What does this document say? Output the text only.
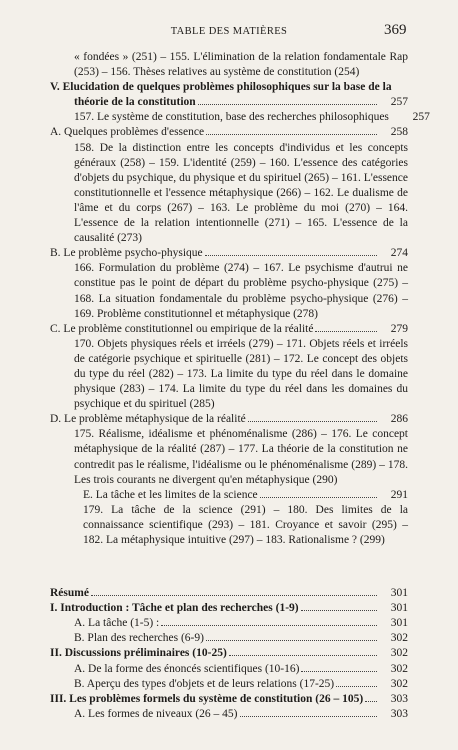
TABLE DES MATIÈRES	369

« fondées » (251) – 155. L'élimination de la relation fondamentale Rap (253) – 156. Thèses relatives au système de constitution (254)

V. Elucidation de quelques problèmes philosophiques sur la base de la

théorie de la constitution	257
157. Le système de constitution, base des recherches philosophiques	257
A. Quelques problèmes d'essence	258

158. De la distinction entre les concepts d'individus et les concepts généraux (258) – 159. L'identité (259) – 160. L'essence des catégories d'objets du psychique, du physique et du spirituel (265) – 161. L'essence constitutionnelle et l'essence métaphysique (266) – 162. Le dualisme de l'âme et du corps (267) – 163. Le problème du moi (270) – 164. L'essence de la relation intentionnelle (271) – 165. L'essence de la causalité (273)

B. Le problème psycho-physique	274

166. Formulation du problème (274) – 167. Le psychisme d'autrui ne constitue pas le point de départ du problème psycho-physique (275) – 168. La situation fondamentale du problème psycho-physique (276) – 169. Problème constitutionnel et métaphysique (278)

C. Le problème constitutionnel ou empirique de la réalité	279

170. Objets physiques réels et irréels (279) – 171. Objets réels et irréels de catégorie psychique et spirituelle (281) – 172. Le concept des objets du type du réel (282) – 173. La limite du type du réel dans le domaine physique (283) – 174. La limite du type du réel dans les domaines du psychique et du spirituel (285)

D. Le problème métaphysique de la réalité	286

175. Réalisme, idéalisme et phénoménalisme (286) – 176. Le concept métaphysique de la réalité (287) – 177. La théorie de la constitution ne contredit pas le réalisme, l'idéalisme ou le phénoménalisme (289) – 178. Les trois courants ne divergent qu'en métaphysique (290)

E. La tâche et les limites de la science	291

179. La tâche de la science (291) – 180. Des limites de la connaissance scientifique (293) – 181. Croyance et savoir (295) – 182. La métaphysique intuitive (297) – 183. Rationalisme ? (299)

Résumé	301
I. Introduction : Tâche et plan des recherches (1-9)	301
A. La tâche (1-5) :	301
B. Plan des recherches (6-9)	302
II. Discussions préliminaires (10-25)	302
A. De la forme des énoncés scientifiques (10-16)	302
B. Aperçu des types d'objets et de leurs relations (17-25)	302
III. Les problèmes formels du système de constitution (26 – 105)	303
A. Les formes de niveaux (26 – 45)	303
